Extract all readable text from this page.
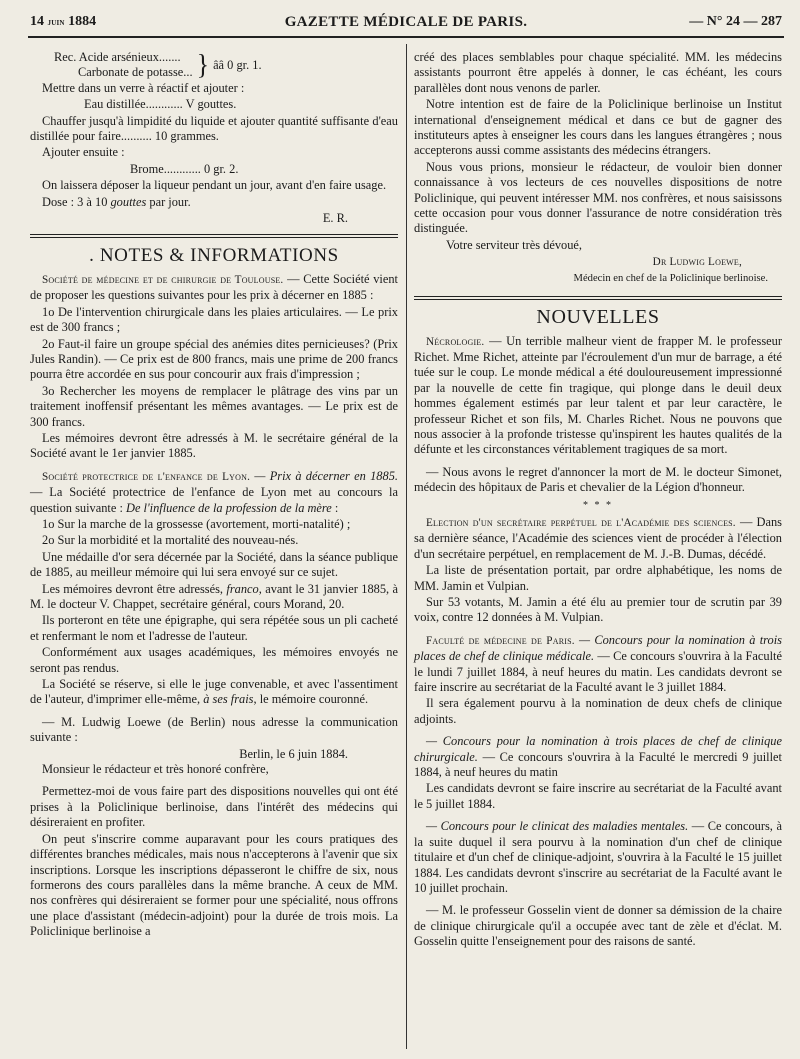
14 juin 1884	GAZETTE MÉDICALE DE PARIS.	— N° 24 — 287
Rec. Acide arsénieux.......
Carbonate de potasse... } ââ 0 gr. 1.

Mettre dans un verre à réactif et ajouter :

Eau distillée............ V gouttes.

Chauffer jusqu'à limpidité du liquide et ajouter quantité suffisante d'eau distillée pour faire.......... 10 grammes.

Ajouter ensuite :

Brome............ 0 gr. 2.

On laissera déposer la liqueur pendant un jour, avant d'en faire usage.

Dose : 3 à 10 gouttes par jour.

E. R.
. NOTES & INFORMATIONS

Société de médecine et de chirurgie de Toulouse. — Cette Société vient de proposer les questions suivantes pour les prix à décerner en 1885 :

1o De l'intervention chirurgicale dans les plaies articulaires. — Le prix est de 300 francs ;

2o Faut-il faire un groupe spécial des anémies dites pernicieuses? (Prix Jules Randin). — Ce prix est de 800 francs, mais une prime de 200 francs pourra être accordée en sus pour concourir aux frais d'impression ;

3o Rechercher les moyens de remplacer le plâtrage des vins par un traitement inoffensif présentant les mêmes avantages. — Le prix est de 300 francs.

Les mémoires devront être adressés à M. le secrétaire général de la Société avant le 1er janvier 1885.

Société protectrice de l'enfance de Lyon. — Prix à décerner en 1885. — La Société protectrice de l'enfance de Lyon met au concours la question suivante : De l'influence de la profession de la mère :

1o Sur la marche de la grossesse (avortement, morti-natalité) ;

2o Sur la morbidité et la mortalité des nouveau-nés.

Une médaille d'or sera décernée par la Société, dans la séance publique de 1885, au meilleur mémoire qui lui sera envoyé sur ce sujet.

Les mémoires devront être adressés, franco, avant le 31 janvier 1885, à M. le docteur V. Chappet, secrétaire général, cours Morand, 20.

Ils porteront en tête une épigraphe, qui sera répétée sous un pli cacheté et renfermant le nom et l'adresse de l'auteur.

Conformément aux usages académiques, les mémoires envoyés ne seront pas rendus.

La Société se réserve, si elle le juge convenable, et avec l'assentiment de l'auteur, d'imprimer elle-même, à ses frais, le mémoire couronné.

— M. Ludwig Loewe (de Berlin) nous adresse la communication suivante :

Berlin, le 6 juin 1884.

Monsieur le rédacteur et très honoré confrère,

Permettez-moi de vous faire part des dispositions nouvelles qui ont été prises à la Policlinique berlinoise, dans l'intérêt des médecins qui désireraient en profiter.

On peut s'inscrire comme auparavant pour les cours pratiques des différentes branches médicales, mais nous n'accepterons à l'avenir que six inscriptions. Lorsque les inscriptions dépasseront le chiffre de six, nous formerons des cours parallèles dans la même branche. A ceux de MM. nos confrères qui désireraient se former pour une spécialité, nous offrons une place d'assistant (médecin-adjoint) pour la durée de trois mois. La Policlinique berlinoise a

créé des places semblables pour chaque spécialité. MM. les médecins assistants pourront être appelés à donner, le cas échéant, les cours parallèles dont nous venons de parler.

Notre intention est de faire de la Policlinique berlinoise un Institut international d'enseignement médical et dans ce but de gagner des instituteurs aptes à enseigner les cours dans les langues étrangères ; nous accepterons aussi comme assistants des médecins étrangers.

Nous vous prions, monsieur le rédacteur, de vouloir bien donner connaissance à vos lecteurs de ces nouvelles dispositions de notre Policlinique, qui peuvent intéresser MM. nos confrères, et nous saisissons cette occasion pour vous donner l'assurance de notre considération très distinguée.

Votre serviteur très dévoué,

Dr Ludwig Loewe,
Médecin en chef de la Policlinique berlinoise.
NOUVELLES

Nécrologie. — Un terrible malheur vient de frapper M. le professeur Richet. Mme Richet, atteinte par l'écroulement d'un mur de barrage, a été tuée sur le coup. Le monde médical a été douloureusement impressionné par la nouvelle de cette fin tragique, qui plonge dans le deuil deux hommes également estimés par leur talent et par leur caractère, le professeur Richet et son fils, M. Charles Richet. Nous ne pouvons que nous associer à la profonde tristesse qu'inspirent les hautes qualités de la défunte et les circonstances véritablement tragiques de sa mort.

— Nous avons le regret d'annoncer la mort de M. le docteur Simonet, médecin des hôpitaux de Paris et chevalier de la Légion d'honneur.

* * *

Election d'un secrétaire perpétuel de l'Académie des sciences. — Dans sa dernière séance, l'Académie des sciences vient de procéder à l'élection d'un secrétaire perpétuel, en remplacement de M. J.-B. Dumas, décédé.

La liste de présentation portait, par ordre alphabétique, les noms de MM. Jamin et Vulpian.

Sur 53 votants, M. Jamin a été élu au premier tour de scrutin par 39 voix, contre 12 données à M. Vulpian.

Faculté de médecine de Paris. — Concours pour la nomination à trois places de chef de clinique médicale. — Ce concours s'ouvrira à la Faculté le lundi 7 juillet 1884, à neuf heures du matin. Les candidats devront se faire inscrire au secrétariat de la Faculté avant le 3 juillet 1884.

Il sera également pourvu à la nomination de deux chefs de clinique adjoints.

— Concours pour la nomination à trois places de chef de clinique chirurgicale. — Ce concours s'ouvrira à la Faculté le mercredi 9 juillet 1884, à neuf heures du matin

Les candidats devront se faire inscrire au secrétariat de la Faculté avant le 5 juillet 1884.

— Concours pour le clinicat des maladies mentales. — Ce concours, à la suite duquel il sera pourvu à la nomination d'un chef de clinique titulaire et d'un chef de clinique-adjoint, s'ouvrira à la Faculté le 15 juillet 1884. Les candidats devront s'inscrire au secrétariat de la Faculté avant le 10 juillet prochain.

— M. le professeur Gosselin vient de donner sa démission de la chaire de clinique chirurgicale qu'il a occupée avec tant de zèle et d'éclat. M. Gosselin quitte l'enseignement pour des raisons de santé.
